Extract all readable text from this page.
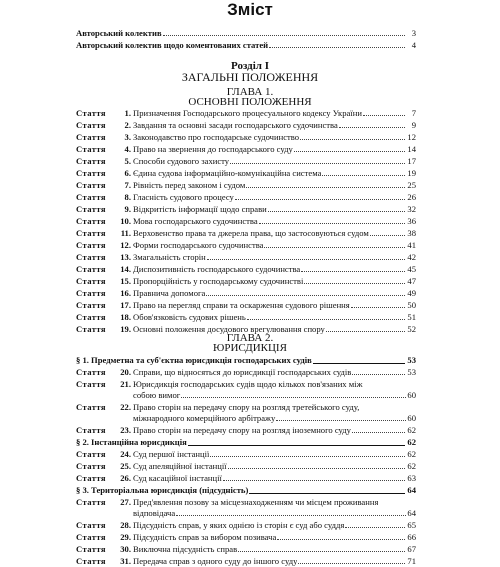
Зміст
Авторський колектив	3
Авторський колектив щодо коментованих статей	4
Розділ І
ЗАГАЛЬНІ ПОЛОЖЕННЯ
ГЛАВА 1.
ОСНОВНІ ПОЛОЖЕННЯ
Стаття	1. Призначення Господарського процесуального кодексу України	7
Стаття	2. Завдання та основні засади господарського судочинства	9
Стаття	3. Законодавство про господарське судочинство	12
Стаття	4. Право на звернення до господарського суду	14
Стаття	5. Способи судового захисту	17
Стаття	6. Єдина судова інформаційно-комунікаційна система	19
Стаття	7. Рівність перед законом і судом	25
Стаття	8. Гласність судового процесу	26
Стаття	9. Відкритість інформації щодо справи	32
Стаття	10. Мова господарського судочинства	36
Стаття	11. Верховенство права та джерела права, що застосовуються судом	38
Стаття	12. Форми господарського судочинства	41
Стаття	13. Змагальність сторін	42
Стаття	14. Диспозитивність господарського судочинства	45
Стаття	15. Пропорційність у господарському судочинстві	47
Стаття	16. Правнича допомога	49
Стаття	17. Право на перегляд справи та оскарження судового рішення	50
Стаття	18. Обов'язковість судових рішень	51
Стаття	19. Основні положення досудового врегулювання спору	52
ГЛАВА 2.
ЮРИСДИКЦІЯ
§ 1. Предметна та суб'єктна юрисдикція господарських судів	53
Стаття	20. Справи, що відносяться до юрисдикції господарських судів	53
Стаття	21. Юрисдикція господарських судів щодо кількох пов'язаних між
собою вимог	60
Стаття	22. Право сторін на передачу спору на розгляд третейського суду,
міжнародного комерційного арбітражу	60
Стаття	23. Право сторін на передачу спору на розгляд іноземного суду	62
§ 2. Інстанційна юрисдикція	62
Стаття	24. Суд першої інстанції	62
Стаття	25. Суд апеляційної інстанції	62
Стаття	26. Суд касаційної інстанції	63
§ 3. Територіальна юрисдикція (підсудність)	64
Стаття	27. Пред'явлення позову за місцезнаходженням чи місцем проживання
відповідача	64
Стаття	28. Підсудність справ, у яких однією із сторін є суд або суддя	65
Стаття	29. Підсудність справ за вибором позивача	66
Стаття	30. Виключна підсудність справ	67
Стаття	31. Передача справ з одного суду до іншого суду	71
